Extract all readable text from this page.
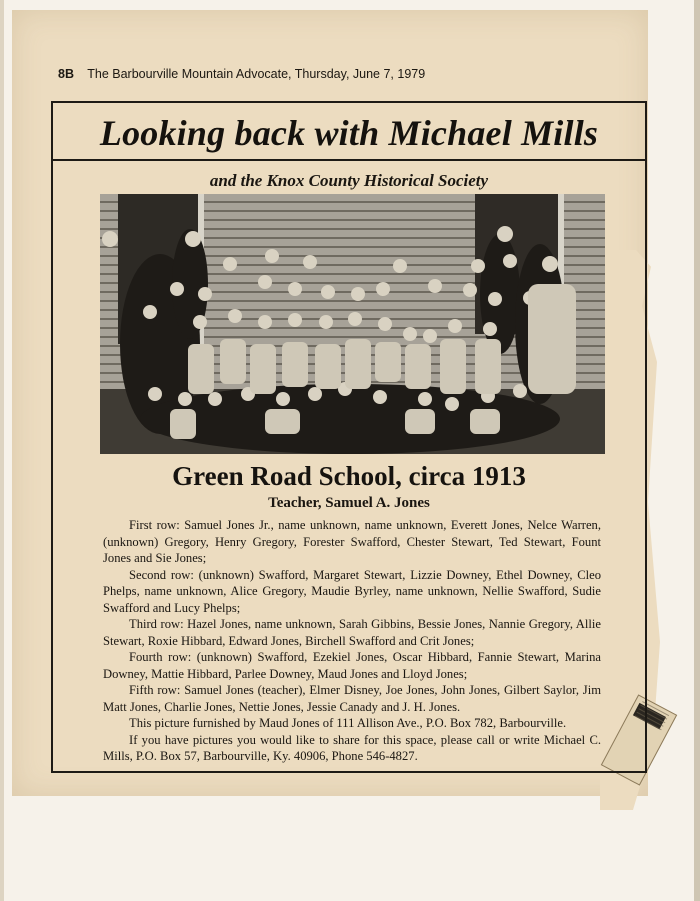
8B The Barbourville Mountain Advocate, Thursday, June 7, 1979
Looking back with Michael Mills
and the Knox County Historical Society
Green Road School, circa 1913
Teacher, Samuel A. Jones

First row: Samuel Jones Jr., name unknown, name unknown, Everett Jones, Nelce Warren, (unknown) Gregory, Henry Gregory, Forester Swafford, Chester Stewart, Ted Stewart, Fount Jones and Sie Jones;

Second row: (unknown) Swafford, Margaret Stewart, Lizzie Downey, Ethel Downey, Cleo Phelps, name unknown, Alice Gregory, Maudie Byrley, name unknown, Nellie Swafford, Sudie Swafford and Lucy Phelps;

Third row: Hazel Jones, name unknown, Sarah Gibbins, Bessie Jones, Nannie Gregory, Allie Stewart, Roxie Hibbard, Edward Jones, Birchell Swafford and Crit Jones;

Fourth row: (unknown) Swafford, Ezekiel Jones, Oscar Hibbard, Fannie Stewart, Marina Downey, Mattie Hibbard, Parlee Downey, Maud Jones and Lloyd Jones;

Fifth row: Samuel Jones (teacher), Elmer Disney, Joe Jones, John Jones, Gilbert Saylor, Jim Matt Jones, Charlie Jones, Nettie Jones, Jessie Canady and J. H. Jones.

This picture furnished by Maud Jones of 111 Allison Ave., P.O. Box 782, Barbourville.

If you have pictures you would like to share for this space, please call or write Michael C. Mills, P.O. Box 57, Barbourville, Ky. 40906, Phone 546-4827.
